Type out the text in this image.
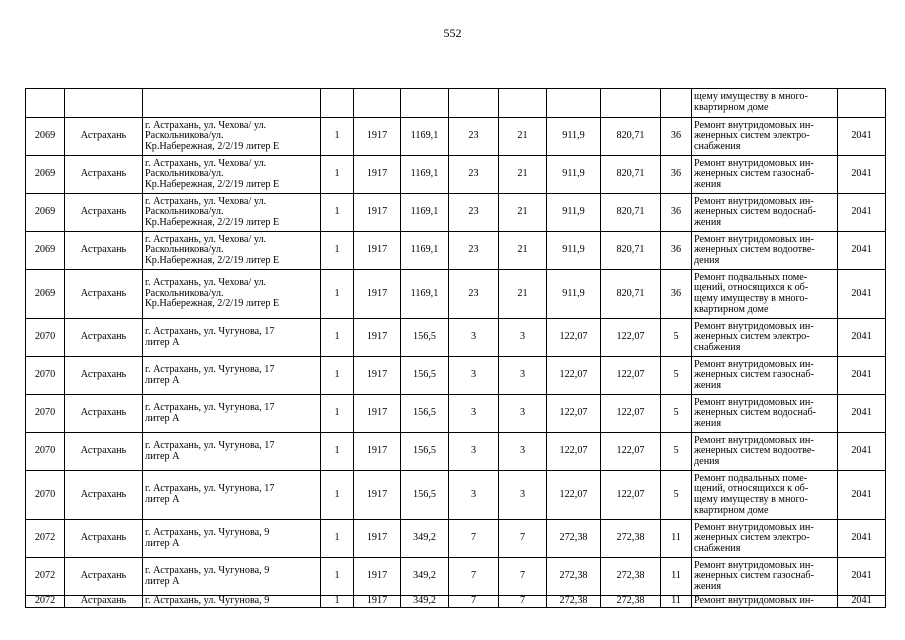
552
											щему имуществу в много-
квартирном доме	
2069	Астрахань	г. Астрахань, ул. Чехова/ ул.
Раскольникова/ул.
Кр.Набережная, 2/2/19 литер Е	1	1917	1169,1	23	21	911,9	820,71	36	Ремонт внутридомовых ин-
женерных систем электро-
снабжения	2041
2069	Астрахань	г. Астрахань, ул. Чехова/ ул.
Раскольникова/ул.
Кр.Набережная, 2/2/19 литер Е	1	1917	1169,1	23	21	911,9	820,71	36	Ремонт внутридомовых ин-
женерных систем газоснаб-
жения	2041
2069	Астрахань	г. Астрахань, ул. Чехова/ ул.
Раскольникова/ул.
Кр.Набережная, 2/2/19 литер Е	1	1917	1169,1	23	21	911,9	820,71	36	Ремонт внутридомовых ин-
женерных систем водоснаб-
жения	2041
2069	Астрахань	г. Астрахань, ул. Чехова/ ул.
Раскольникова/ул.
Кр.Набережная, 2/2/19 литер Е	1	1917	1169,1	23	21	911,9	820,71	36	Ремонт внутридомовых ин-
женерных систем водоотве-
дения	2041
2069	Астрахань	г. Астрахань, ул. Чехова/ ул.
Раскольникова/ул.
Кр.Набережная, 2/2/19 литер Е	1	1917	1169,1	23	21	911,9	820,71	36	Ремонт подвальных поме-
щений, относящихся к об-
щему имуществу в много-
квартирном доме	2041
2070	Астрахань	г. Астрахань, ул. Чугунова, 17
литер А	1	1917	156,5	3	3	122,07	122,07	5	Ремонт внутридомовых ин-
женерных систем электро-
снабжения	2041
2070	Астрахань	г. Астрахань, ул. Чугунова, 17
литер А	1	1917	156,5	3	3	122,07	122,07	5	Ремонт внутридомовых ин-
женерных систем газоснаб-
жения	2041
2070	Астрахань	г. Астрахань, ул. Чугунова, 17
литер А	1	1917	156,5	3	3	122,07	122,07	5	Ремонт внутридомовых ин-
женерных систем водоснаб-
жения	2041
2070	Астрахань	г. Астрахань, ул. Чугунова, 17
литер А	1	1917	156,5	3	3	122,07	122,07	5	Ремонт внутридомовых ин-
женерных систем водоотве-
дения	2041
2070	Астрахань	г. Астрахань, ул. Чугунова, 17
литер А	1	1917	156,5	3	3	122,07	122,07	5	Ремонт подвальных поме-
щений, относящихся к об-
щему имуществу в много-
квартирном доме	2041
2072	Астрахань	г. Астрахань, ул. Чугунова, 9
литер А	1	1917	349,2	7	7	272,38	272,38	11	Ремонт внутридомовых ин-
женерных систем электро-
снабжения	2041
2072	Астрахань	г. Астрахань, ул. Чугунова, 9
литер А	1	1917	349,2	7	7	272,38	272,38	11	Ремонт внутридомовых ин-
женерных систем газоснаб-
жения	2041
2072	Астрахань	г. Астрахань, ул. Чугунова, 9	1	1917	349,2	7	7	272,38	272,38	11	Ремонт внутридомовых ин-	2041
